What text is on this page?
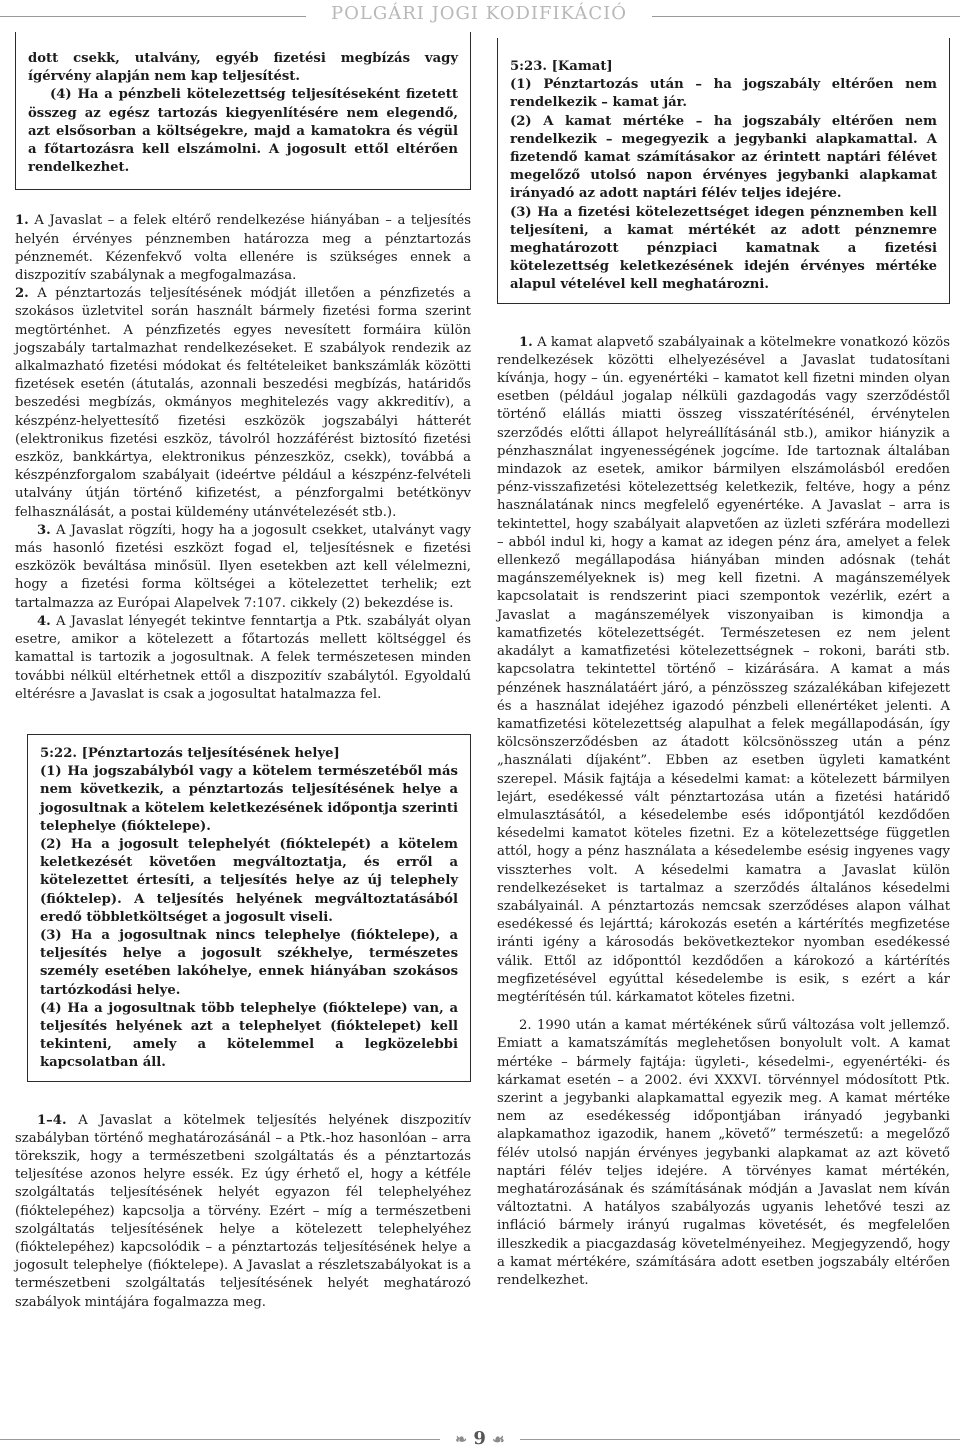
POLGÁRI JOGI KODIFIKÁCIÓ

dott csekk, utalvány, egyéb fizetési megbízás vagy ígérvény alapján nem kap teljesítést.

(4) Ha a pénzbeli kötelezettség teljesítéseként fizetett összeg az egész tartozás kiegyenlítésére nem elegendő, azt elsősorban a költségekre, majd a kamatokra és végül a főtartozásra kell elszámolni. A jogosult ettől eltérően rendelkezhet.

1. A Javaslat – a felek eltérő rendelkezése hiányában – a teljesítés helyén érvényes pénznemben határozza meg a pénztartozás pénznemét. Kézenfekvő volta ellenére is szükséges ennek a diszpozitív szabálynak a megfogalmazása.

2. A pénztartozás teljesítésének módját illetően a pénzfizetés a szokásos üzletvitel során használt bármely fizetési forma szerint megtörténhet. A pénzfizetés egyes nevesített formáira külön jogszabály tartalmazhat rendelkezéseket. E szabályok rendezik az alkalmazható fizetési módokat és feltételeiket bankszámlák közötti fizetések esetén (átutalás, azonnali beszedési megbízás, határidős beszedési megbízás, okmányos meghitelezés vagy akkreditív), a készpénz-helyettesítő fizetési eszközök jogszabályi hátterét (elektronikus fizetési eszköz, távolról hozzáférést biztosító fizetési eszköz, bankkártya, elektronikus pénzeszköz, csekk), továbbá a készpénzforgalom szabályait (ideértve például a készpénz-felvételi utalvány útján történő kifizetést, a pénzforgalmi betétkönyv felhasználását, a postai küldemény utánvételezését stb.).

3. A Javaslat rögzíti, hogy ha a jogosult csekket, utalványt vagy más hasonló fizetési eszközt fogad el, teljesítésnek e fizetési eszközök beváltása minősül. Ilyen esetekben azt kell vélelmezni, hogy a fizetési forma költségei a kötelezettet terhelik; ezt tartalmazza az Európai Alapelvek 7:107. cikkely (2) bekezdése is.

4. A Javaslat lényegét tekintve fenntartja a Ptk. szabályát olyan esetre, amikor a kötelezett a főtartozás mellett költséggel és kamattal is tartozik a jogosultnak. A felek természetesen minden további nélkül eltérhetnek ettől a diszpozitív szabálytól. Egyoldalú eltérésre a Javaslat is csak a jogosultat hatalmazza fel.

5:22. [Pénztartozás teljesítésének helye]

(1) Ha jogszabályból vagy a kötelem természetéből más nem következik, a pénztartozás teljesítésének helye a jogosultnak a kötelem keletkezésének időpontja szerinti telephelye (fióktelepe).

(2) Ha a jogosult telephelyét (fióktelepét) a kötelem keletkezését követően megváltoztatja, és erről a kötelezettet értesíti, a teljesítés helye az új telephely (fióktelep). A teljesítés helyének megváltoztatásából eredő többletköltséget a jogosult viseli.

(3) Ha a jogosultnak nincs telephelye (fióktelepe), a teljesítés helye a jogosult székhelye, természetes személy esetében lakóhelye, ennek hiányában szokásos tartózkodási helye.

(4) Ha a jogosultnak több telephelye (fióktelepe) van, a teljesítés helyének azt a telephelyet (fióktelepet) kell tekinteni, amely a kötelemmel a legközelebbi kapcsolatban áll.

1–4. A Javaslat a kötelmek teljesítés helyének diszpozitív szabályban történő meghatározásánál – a Ptk.-hoz hasonlóan – arra törekszik, hogy a természetbeni szolgáltatás és a pénztartozás teljesítése azonos helyre essék. Ez úgy érhető el, hogy a kétféle szolgáltatás teljesítésének helyét egyazon fél telephelyéhez (fióktelepéhez) kapcsolja a törvény. Ezért – míg a természetbeni szolgáltatás teljesítésének helye a kötelezett telephelyéhez (fióktelepéhez) kapcsolódik – a pénztartozás teljesítésének helye a jogosult telephelye (fióktelepe). A Javaslat a részletszabályokat is a természetbeni szolgáltatás teljesítésének helyét meghatározó szabályok mintájára fogalmazza meg.

5:23. [Kamat]

(1) Pénztartozás után – ha jogszabály eltérően nem rendelkezik – kamat jár.

(2) A kamat mértéke – ha jogszabály eltérően nem rendelkezik – megegyezik a jegybanki alapkamattal. A fizetendő kamat számításakor az érintett naptári félévet megelőző utolsó napon érvényes jegybanki alapkamat irányadó az adott naptári félév teljes idejére.

(3) Ha a fizetési kötelezettséget idegen pénznemben kell teljesíteni, a kamat mértékét az adott pénznemre meghatározott pénzpiaci kamatnak a fizetési kötelezettség keletkezésének idején érvényes mértéke alapul vételével kell meghatározni.

1. A kamat alapvető szabályainak a kötelmekre vonatkozó közös rendelkezések közötti elhelyezésével a Javaslat tudatosítani kívánja, hogy – ún. egyenértéki – kamatot kell fizetni minden olyan esetben (például jogalap nélküli gazdagodás vagy szerződéstől történő elállás miatti összeg visszatérítésénél, érvénytelen szerződés előtti állapot helyreállításánál stb.), amikor hiányzik a pénzhasználat ingyenességének jogcíme. Ide tartoznak általában mindazok az esetek, amikor bármilyen elszámolásból eredően pénz-visszafizetési kötelezettség keletkezik, feltéve, hogy a pénz használatának nincs megfelelő egyenértéke. A Javaslat – arra is tekintettel, hogy szabályait alapvetően az üzleti szférára modellezi – abból indul ki, hogy a kamat az idegen pénz ára, amelyet a felek ellenkező megállapodása hiányában minden adósnak (tehát magánszemélyeknek is) meg kell fizetni. A magánszemélyek kapcsolatait is rendszerint piaci szempontok vezérlik, ezért a Javaslat a magánszemélyek viszonyaiban is kimondja a kamatfizetés kötelezettségét. Természetesen ez nem jelent akadályt a kamatfizetési kötelezettségnek – rokoni, baráti stb. kapcsolatra tekintettel történő – kizárására. A kamat a más pénzének használatáért járó, a pénzösszeg százalékában kifejezett és a használat idejéhez igazodó pénzbeli ellenértéket jelenti. A kamatfizetési kötelezettség alapulhat a felek megállapodásán, így kölcsönszerződésben az átadott kölcsönösszeg után a pénz „használati díjaként”. Ebben az esetben ügyleti kamatként szerepel. Másik fajtája a késedelmi kamat: a kötelezett bármilyen lejárt, esedékessé vált pénztartozása után a fizetési határidő elmulasztásától, a késedelembe esés időpontjától kezdődően késedelmi kamatot köteles fizetni. Ez a kötelezettsége független attól, hogy a pénz használata a késedelembe esésig ingyenes vagy visszterhes volt. A késedelmi kamatra a Javaslat külön rendelkezéseket is tartalmaz a szerződés általános késedelmi szabályainál. A pénztartozás nemcsak szerződéses alapon válhat esedékessé és lejárttá; károkozás esetén a kártérítés megfizetése iránti igény a károsodás bekövetkeztekor nyomban esedékessé válik. Ettől az időponttól kezdődően a károkozó a kártérítés megfizetésével egyúttal késedelembe is esik, s ezért a kár megtérítésén túl. kárkamatot köteles fizetni.

2. 1990 után a kamat mértékének sűrű változása volt jellemző. Emiatt a kamatszámítás meglehetősen bonyolult volt. A kamat mértéke – bármely fajtája: ügyleti-, késedelmi-, egyenértéki- és kárkamat esetén – a 2002. évi XXXVI. törvénnyel módosított Ptk. szerint a jegybanki alapkamattal egyezik meg. A kamat mértéke nem az esedékesség időpontjában irányadó jegybanki alapkamathoz igazodik, hanem „követő” természetű: a megelőző félév utolsó napján érvényes jegybanki alapkamat az azt követő naptári félév teljes idejére. A törvényes kamat mértékén, meghatározásának és számításának módján a Javaslat nem kíván változtatni. A hatályos szabályozás ugyanis lehetővé teszi az infláció bármely irányú rugalmas követését, és megfelelően illeszkedik a piacgazdaság követelményeihez. Megjegyzendő, hogy a kamat mértékére, számítására adott esetben jogszabály eltérően rendelkezhet.

❧ 9 ☙
